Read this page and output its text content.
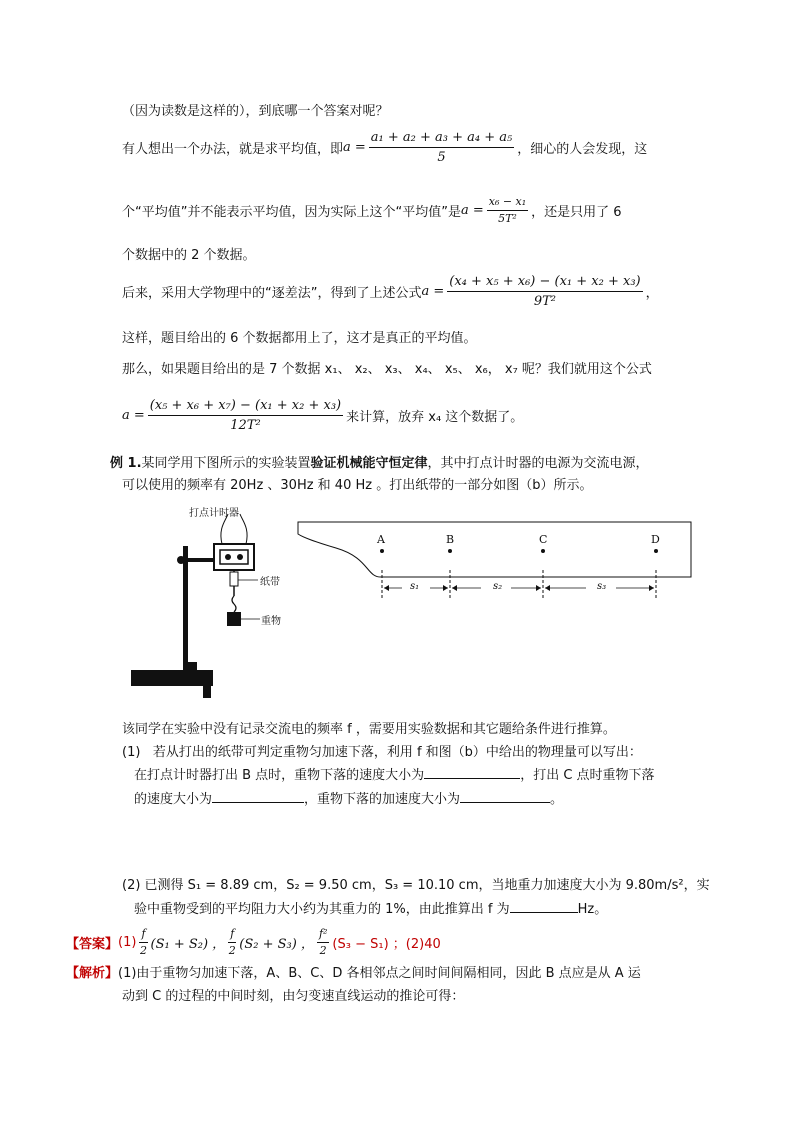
（因为读数是这样的），到底哪一个答案对呢？
有人想出一个办法，就是求平均值，即 $a = \frac{\text{a₁ + a₂ + a₃ + a₄ + a₅}}{5}$ ，细心的人会发现，这
个“平均值”并不能表示平均值，因为实际上这个“平均值”是 $a = \frac{\text{x₆ − x₁}}{\text{5T²}}$ ，还是只用了 6
个数据中的 2 个数据。
后来，采用大学物理中的“逐差法”，得到了上述公式 $a = \frac{\text{(x₄ + x₅ + x₆) − (x₁ + x₂ + x₃)}}{\text{9T²}}$ ，
这样，题目给出的 6 个数据都用上了，这才是真正的平均值。
那么，如果题目给出的是 7 个数据 x₁、 x₂、 x₃、 x₄、 x₅、 x₆， x₇ 呢？我们就用这个公式
$a = \frac{\text{(x₅ + x₆ + x₇) − (x₁ + x₂ + x₃)}}{\text{12T²}}$ 来计算，放弃 x₄ 这个数据了。
例 1.某同学用下图所示的实验装置验证机械能守恒定律，其中打点计时器的电源为交流电源，
可以使用的频率有 20Hz 、30Hz 和 40 Hz 。打出纸带的一部分如图（b）所示。
打点计时器
纸带
重物
A	B	C	D
s₁	s₂	s₃
该同学在实验中没有记录交流电的频率 f ，需要用实验数据和其它题给条件进行推算。
(1) 若从打出的纸带可判定重物匀加速下落，利用 f 和图（b）中给出的物理量可以写出：
在打点计时器打出 B 点时，重物下落的速度大小为	，打出 C 点时重物下落
的速度大小为	，重物下落的加速度大小为	。
(2) 已测得 S₁ = 8.89 cm，S₂ = 9.50 cm，S₃ = 10.10 cm，当地重力加速度大小为 9.80m/s²，实
验中重物受到的平均阻力大小约为其重力的 1%，由此推算出 f 为	Hz。
【答案】 $(1) \frac{f}{2} (S_1 + S_2)$ ， $\frac{f}{2} (S_2 + S_3)$ ， $\frac{\text{f²}}{2} (S_3 - S_1)$ ；(2)40
【解析】(1)由于重物匀加速下落，A、B、C、D 各相邻点之间时间间隔相同，因此 B 点应是从 A 运
动到 C 的过程的中间时刻，由匀变速直线运动的推论可得：
